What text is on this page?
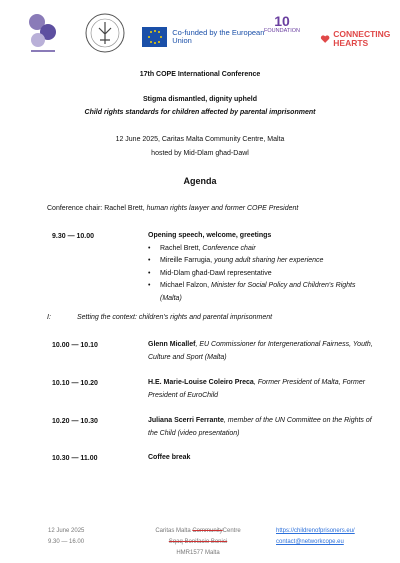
Co-funded by the European Union
10
FOUNDATION	CONNECTING HEARTS
17th COPE International Conference
Stigma dismantled, dignity upheld
Child rights standards for children affected by parental imprisonment
12 June 2025, Caritas Malta Community Centre, Malta
hosted by Mid-Dlam għad-Dawl
Agenda
Conference chair: Rachel Brett, human rights lawyer and former COPE President
9.30 — 10.00	Opening speech, welcome, greetings
• Rachel Brett, Conference chair
• Mireille Farrugia, young adult sharing her experience
• Mid-Dlam għad-Dawl representative
• Michael Falzon, Minister for Social Policy and Children's Rights (Malta)
I:	Setting the context: children's rights and parental imprisonment
10.00 — 10.10	Glenn Micallef, EU Commissioner for Intergenerational Fairness, Youth, Culture and Sport (Malta)
10.10 — 10.20	H.E. Marie-Louise Coleiro Preca, Former President of Malta, Former President of EuroChild
10.20 — 10.30	Juliana Scerri Ferrante, member of the UN Committee on the Rights of the Child (video presentation)
10.30 — 11.00	Coffee break
12 June 2025
9.30 — 16.00
Caritas Malta CommunityCentre
Sqaq Bonifacio Bonici
HMR1577 Malta
https://childrenofprisoners.eu/
contact@networkcope.eu
